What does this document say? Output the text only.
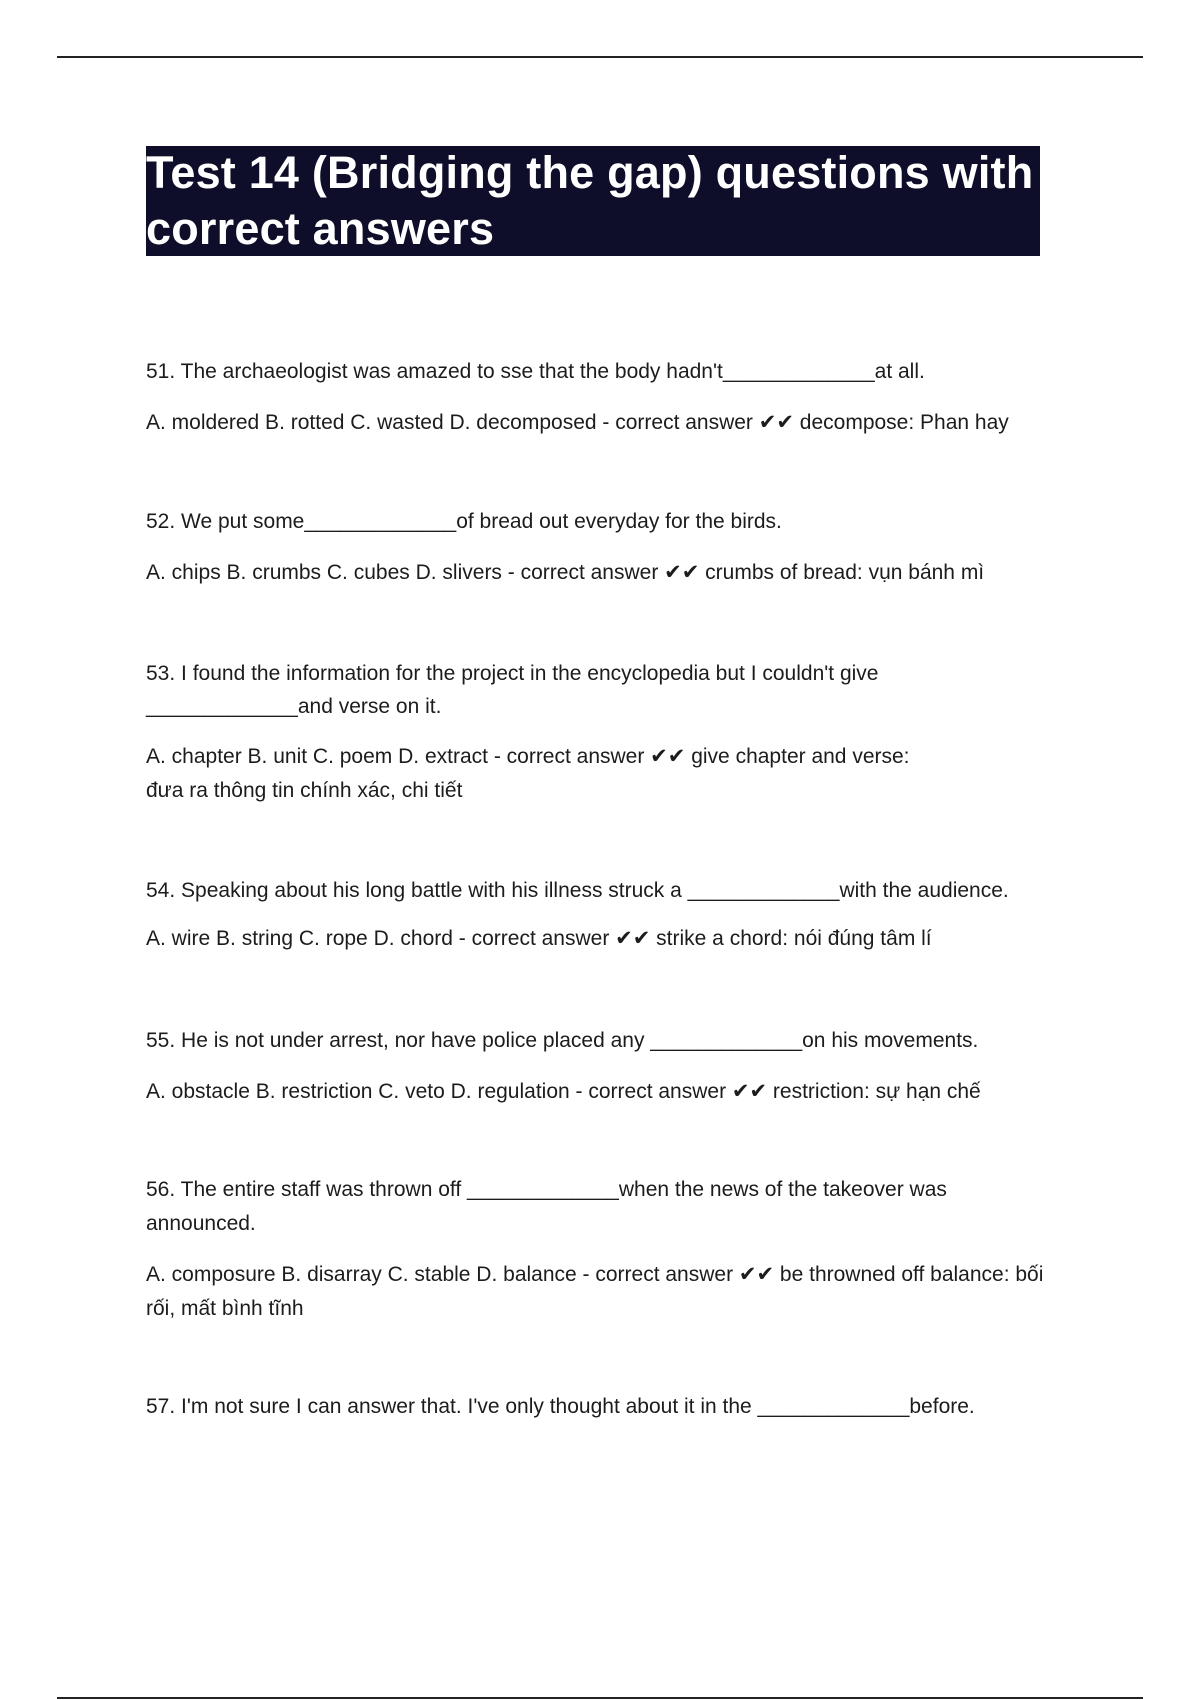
Test 14 (Bridging the gap) questions with correct answers

51. The archaeologist was amazed to sse that the body hadn't_____________at all.

A. moldered B. rotted C. wasted D. decomposed - correct answer ✔✔ decompose: Phan hay

52. We put some_____________of bread out everyday for the birds.

A. chips B. crumbs C. cubes D. slivers - correct answer ✔✔ crumbs of bread: vụn bánh mì

53. I found the information for the project in the encyclopedia but I couldn't give _____________and verse on it.

A. chapter B. unit C. poem D. extract - correct answer ✔✔ give chapter and verse: đưa ra thông tin chính xác, chi tiết

54. Speaking about his long battle with his illness struck a _____________with the audience.

A. wire B. string C. rope D. chord - correct answer ✔✔ strike a chord: nói đúng tâm lí

55. He is not under arrest, nor have police placed any _____________on his movements.

A. obstacle B. restriction C. veto D. regulation - correct answer ✔✔ restriction: sự hạn chế

56. The entire staff was thrown off _____________when the news of the takeover was announced.

A. composure B. disarray C. stable D. balance - correct answer ✔✔ be throwned off balance: bối rối, mất bình tĩnh

57. I'm not sure I can answer that. I've only thought about it in the _____________before.
